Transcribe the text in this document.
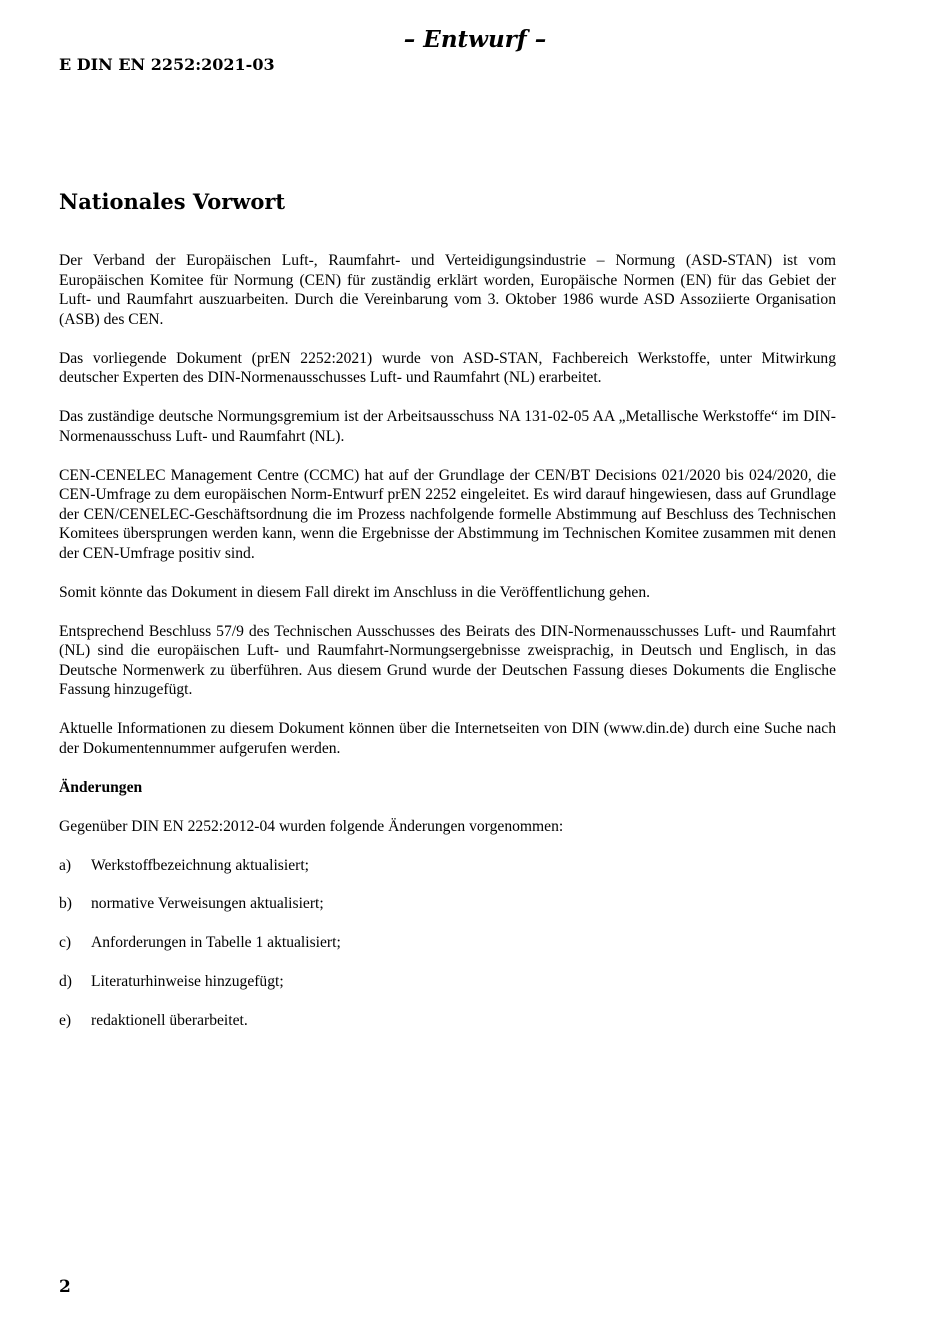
– Entwurf –
E DIN EN 2252:2021-03
Nationales Vorwort

Der Verband der Europäischen Luft-, Raumfahrt- und Verteidigungsindustrie – Normung (ASD-STAN) ist vom Europäischen Komitee für Normung (CEN) für zuständig erklärt worden, Europäische Normen (EN) für das Gebiet der Luft- und Raumfahrt auszuarbeiten. Durch die Vereinbarung vom 3. Oktober 1986 wurde ASD Assoziierte Organisation (ASB) des CEN.

Das vorliegende Dokument (prEN 2252:2021) wurde von ASD-STAN, Fachbereich Werkstoffe, unter Mitwirkung deutscher Experten des DIN-Normenausschusses Luft- und Raumfahrt (NL) erarbeitet.

Das zuständige deutsche Normungsgremium ist der Arbeitsausschuss NA 131-02-05 AA „Metallische Werkstoffe“ im DIN-Normenausschuss Luft- und Raumfahrt (NL).

CEN-CENELEC Management Centre (CCMC) hat auf der Grundlage der CEN/BT Decisions 021/2020 bis 024/2020, die CEN-Umfrage zu dem europäischen Norm-Entwurf prEN 2252 eingeleitet. Es wird darauf hingewiesen, dass auf Grundlage der CEN/CENELEC-Geschäftsordnung die im Prozess nachfolgende formelle Abstimmung auf Beschluss des Technischen Komitees übersprungen werden kann, wenn die Ergebnisse der Abstimmung im Technischen Komitee zusammen mit denen der CEN-Umfrage positiv sind.

Somit könnte das Dokument in diesem Fall direkt im Anschluss in die Veröffentlichung gehen.

Entsprechend Beschluss 57/9 des Technischen Ausschusses des Beirats des DIN-Normenausschusses Luft- und Raumfahrt (NL) sind die europäischen Luft- und Raumfahrt-Normungsergebnisse zweisprachig, in Deutsch und Englisch, in das Deutsche Normenwerk zu überführen. Aus diesem Grund wurde der Deutschen Fassung dieses Dokuments die Englische Fassung hinzugefügt.

Aktuelle Informationen zu diesem Dokument können über die Internetseiten von DIN (www.din.de) durch eine Suche nach der Dokumentennummer aufgerufen werden.

Änderungen

Gegenüber DIN EN 2252:2012-04 wurden folgende Änderungen vorgenommen:

a)	Werkstoffbezeichnung aktualisiert;
b)	normative Verweisungen aktualisiert;
c)	Anforderungen in Tabelle 1 aktualisiert;
d)	Literaturhinweise hinzugefügt;
e)	redaktionell überarbeitet.
2
